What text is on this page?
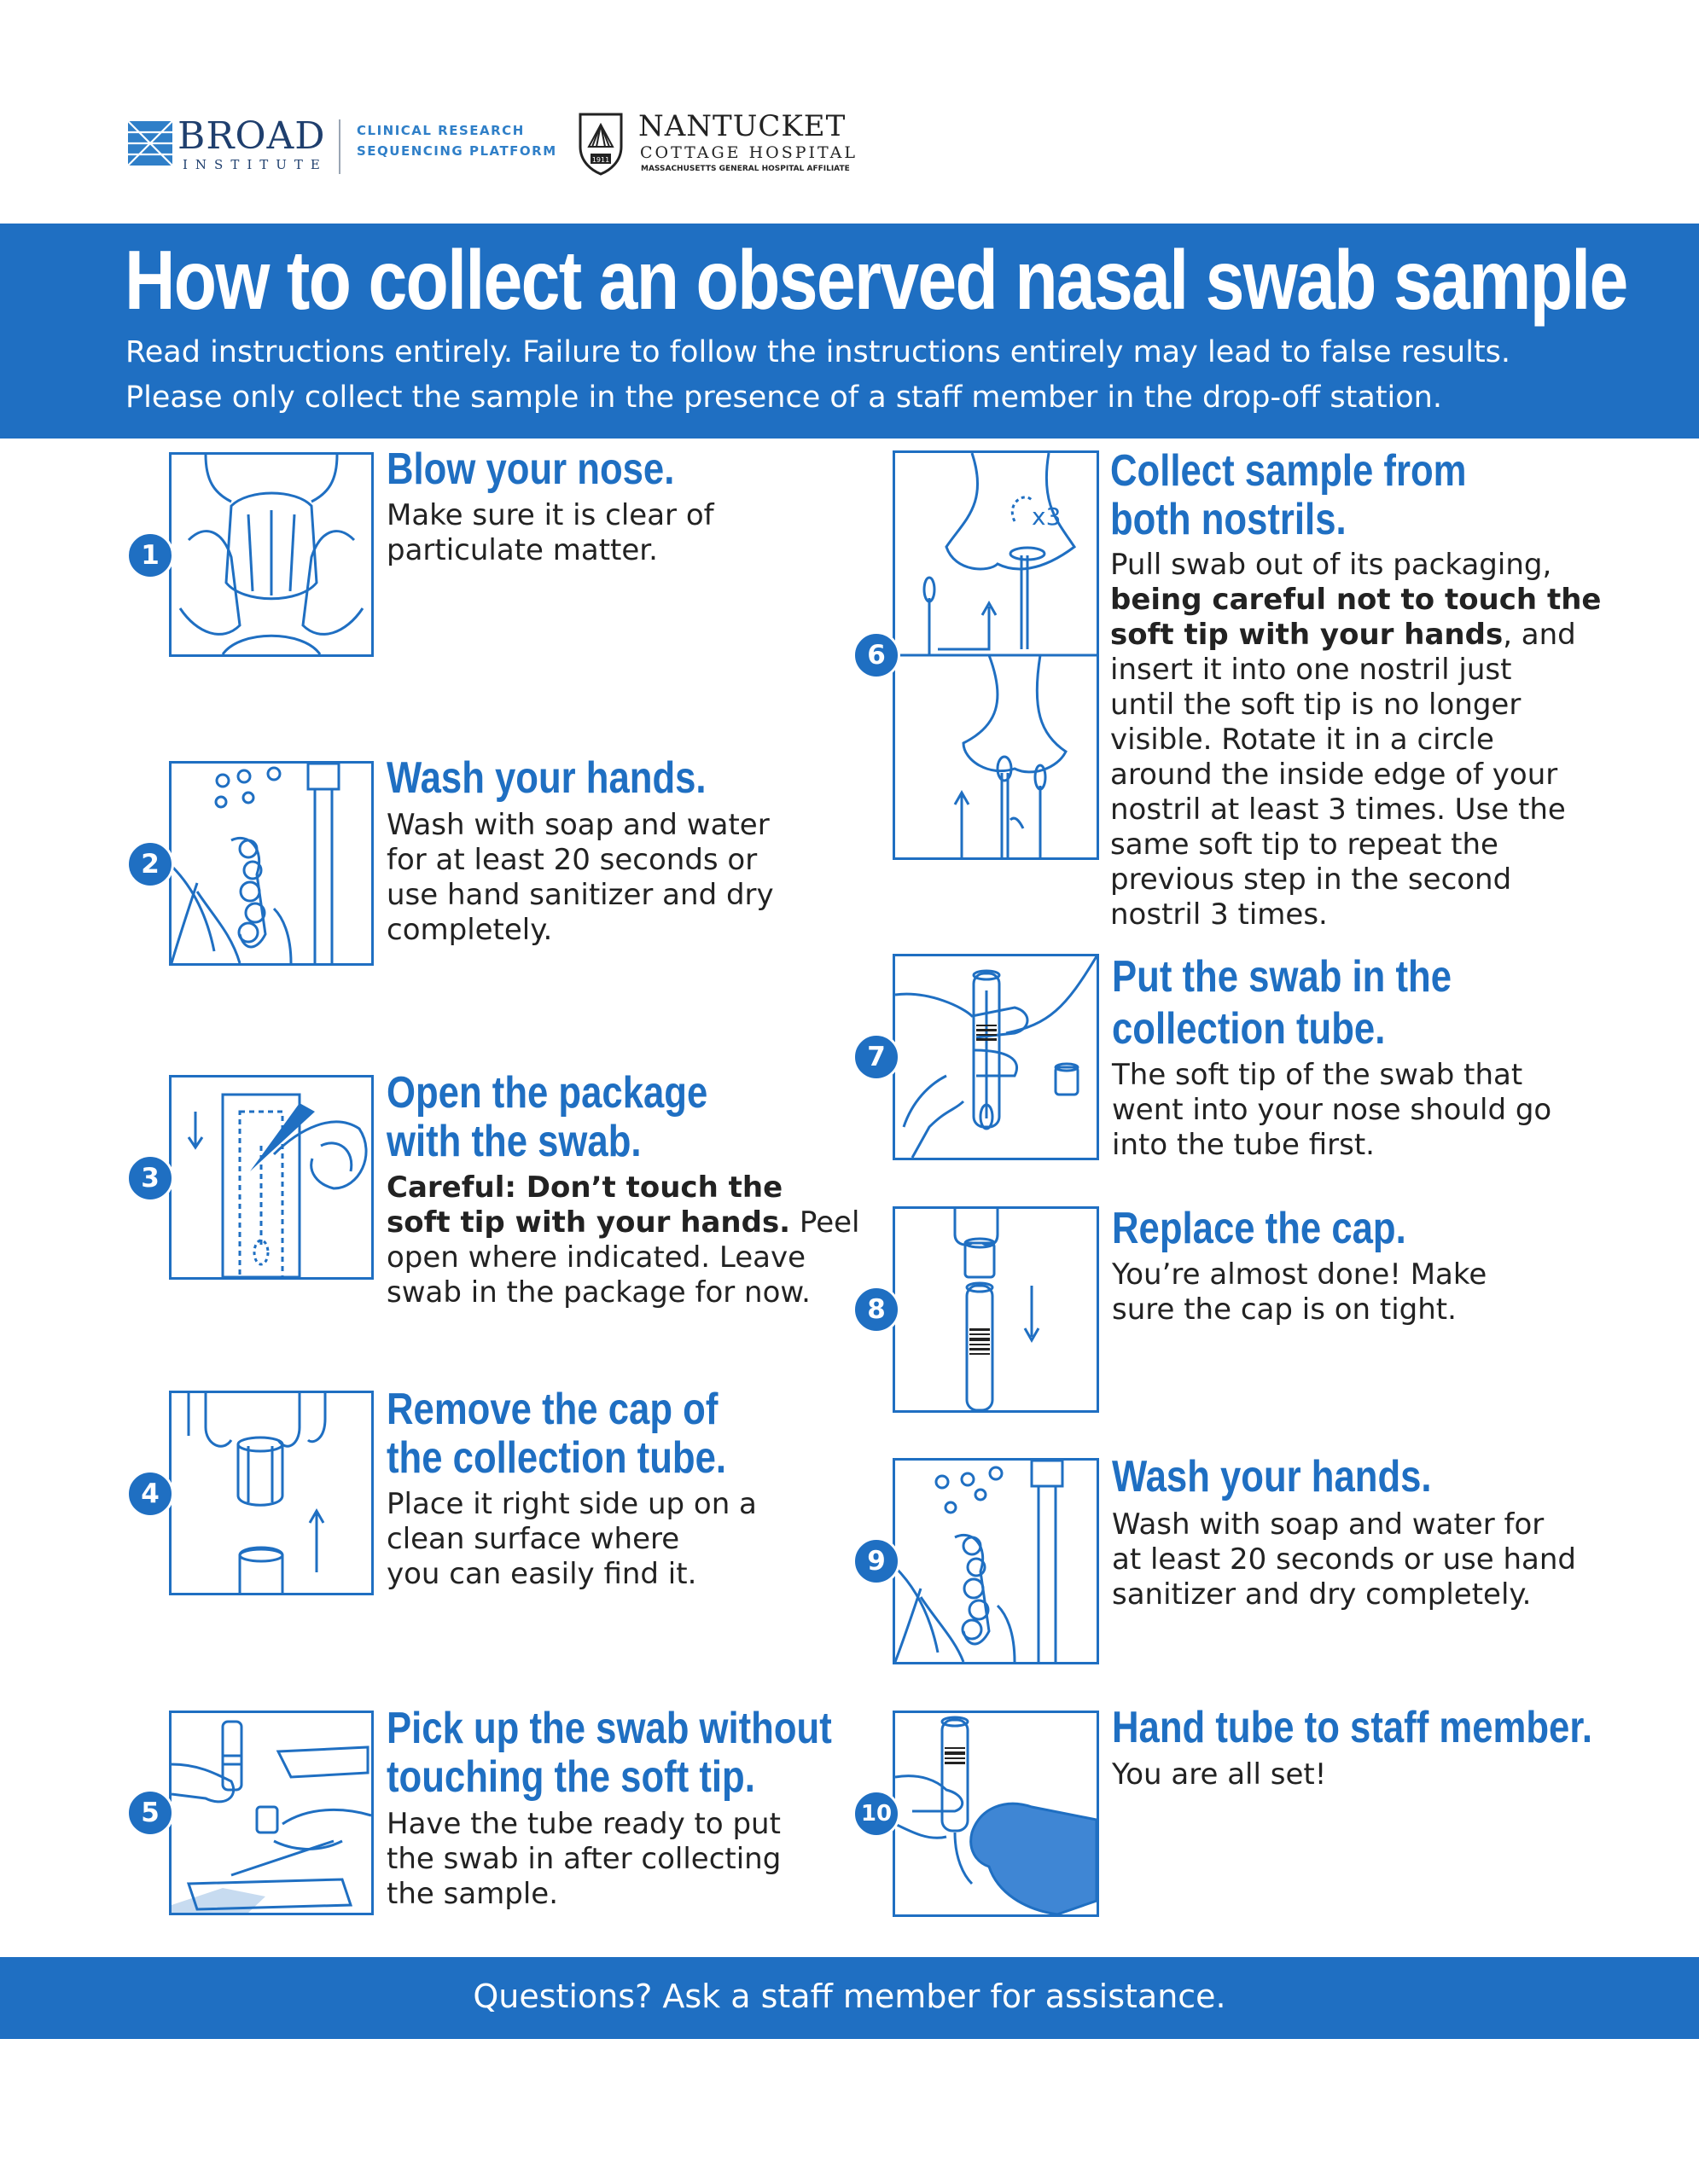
BROAD
INSTITUTE
CLINICAL RESEARCH
SEQUENCING PLATFORM
1911
NANTUCKET
COTTAGE HOSPITAL
MASSACHUSETTS GENERAL HOSPITAL AFFILIATE
How to collect an observed nasal swab sample
Read instructions entirely. Failure to follow the instructions entirely may lead to false results.
Please only collect the sample in the presence of a staff member in the drop-off station.
1
Blow your nose.
Make sure it is clear of
particulate matter.
2
Wash your hands.
Wash with soap and water
for at least 20 seconds or
use hand sanitizer and dry
completely.
3
Open the package
with the swab.
Careful: Don’t touch the
soft tip with your hands. Peel
open where indicated. Leave
swab in the package for now.
4
Remove the cap of
the collection tube.
Place it right side up on a
clean surface where
you can easily find it.
5
Pick up the swab without
touching the soft tip.
Have the tube ready to put
the swab in after collecting
the sample.
x3
6
Collect sample from
both nostrils.
Pull swab out of its packaging,
being careful not to touch the
soft tip with your hands, and
insert it into one nostril just
until the soft tip is no longer
visible. Rotate it in a circle
around the inside edge of your
nostril at least 3 times. Use the
same soft tip to repeat the
previous step in the second
nostril 3 times.
7
Put the swab in the
collection tube.
The soft tip of the swab that
went into your nose should go
into the tube first.
8
Replace the cap.
You’re almost done! Make
sure the cap is on tight.
9
Wash your hands.
Wash with soap and water for
at least 20 seconds or use hand
sanitizer and dry completely.
10
Hand tube to staff member.
You are all set!
Questions? Ask a staff member for assistance.
